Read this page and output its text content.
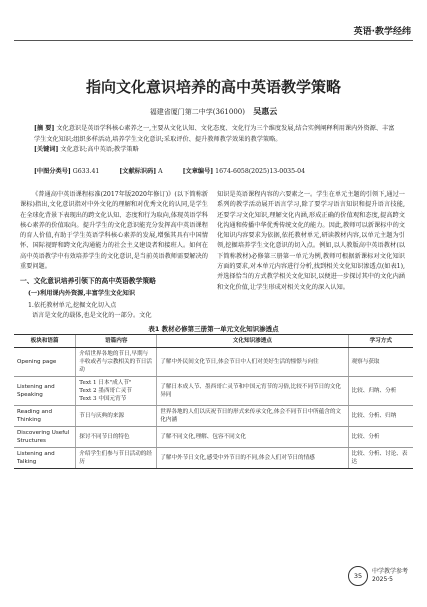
英语·教学经纬
指向文化意识培养的高中英语教学策略
福建省厦门第二中学(361000) 吴惠云
[摘 要] 文化意识是英语学科核心素养之一,主要从文化认知、文化态度、文化行为三个维度发展,结合实例阐释利用课内外资源、丰富学生文化知识;组织多样活动,培养学生文化意识;采取评价、提升教师教学效果的教学策略。
[关键词] 文化意识;高中英语;教学策略
[中图分类号] G633.41	[文献标识码] A	[文章编号] 1674-6058(2025)13-0035-04

《普通高中英语课程标准(2017年版2020年修订)》(以下简称新课标)指出,文化意识指对中外文化的理解和对优秀文化的认同,是学生在全球化背景下表现出的跨文化认知、态度和行为取向,体现英语学科核心素养的价值取向。提升学生的文化意识能充分发挥高中英语课程的育人价值,有助于学生英语学科核心素养的发展,增强其具有中国情怀、国际视野和跨文化沟通能力的社会主义建设者和接班人。如何在高中英语教学中有效培养学生的文化意识,是当前英语教师需要解决的重要问题。

一、文化意识培养引领下的高中英语教学策略
(一)利用课内外资源,丰富学生文化知识
1.依托教材单元,挖掘文化切入点

语言是文化的载体,也是文化的一部分。文化

知识是英语课程内容的六要素之一。学生在单元主题的引领下,通过一系列的教学活动展开语言学习,除了要学习语言知识和提升语言技能,还要学习文化知识,理解文化内涵,形成正确的价值观和态度,提高跨文化沟通和传播中华优秀传统文化的能力。因此,教师可以新课标中的文化知识内容要求为依据,依托教材单元,研读教材内容,以单元主题为引领,挖掘培养学生文化意识的切入点。例如,以人教版高中英语教材(以下简称教材)必修第三册第一单元为例,教师可根据新课标对文化知识方面的要求,对本单元内容进行分析,找到相关文化知识渗透点(如表1),并选择恰当的方式教学相关文化知识,以便进一步探讨其中的文化内涵和文化价值,让学生形成对相关文化的深入认知。

表1 教材必修第三册第一单元文化知识渗透点
板块和语篇	语篇内容	文化知识渗透点	学习方式
Opening page	介绍世界各地的节日,早期与丰收或者与宗教相关的节日活动	了解中外民间文化节日,体会节日中人们对美好生活的憧憬与向往	观察与获取
Listening and Speaking	Text 1 日本"成人节"
Text 2 墨西哥亡灵节
Text 3 中国元宵节	了解日本成人节、墨西哥亡灵节和中国元宵节的习俗,比较不同节日的文化异同	比较、归纳、分析
Reading and Thinking	节日与庆典的来源	世界各地的人们以庆祝节日的形式来传承文化,体会不同节日中所蕴含的文化内涵	比较、分析、归纳
Discovering Useful Structures	探讨不同节日的特色	了解不同文化,理解、包容不同文化	比较、分析
Listening and Talking	介绍学生们参与节日活动的经历	了解中外节日文化,感受中外节日的不同,体会人们对节日的情感	比较、分析、讨论、表达
35
中学教学参考
2025·5
